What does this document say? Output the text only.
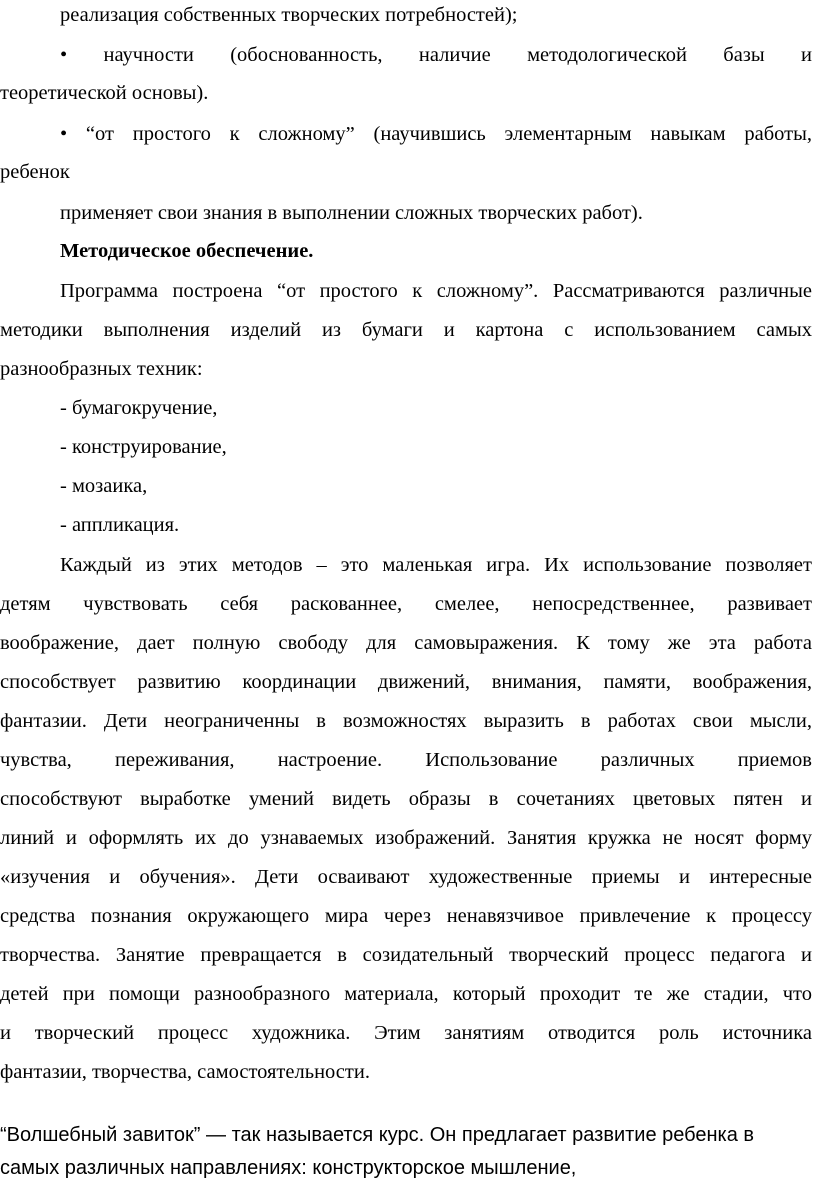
реализация собственных творческих потребностей);
• научности (обоснованность, наличие методологической базы и
теоретической основы).
• “от простого к сложному” (научившись элементарным навыкам работы,
ребенок
применяет свои знания в выполнении сложных творческих работ).
Методическое обеспечение.
Программа построена “от простого к сложному”. Рассматриваются различные
методики выполнения изделий из бумаги и картона с использованием самых
разнообразных техник:
- бумагокручение,
- конструирование,
- мозаика,
- аппликация.
Каждый из этих методов – это маленькая игра. Их использование позволяет
детям чувствовать себя раскованнее, смелее, непосредственнее, развивает
воображение, дает полную свободу для самовыражения. К тому же эта работа
способствует развитию координации движений, внимания, памяти, воображения,
фантазии. Дети неограниченны в возможностях выразить в работах свои мысли,
чувства, переживания, настроение. Использование различных приемов
способствуют выработке умений видеть образы в сочетаниях цветовых пятен и
линий и оформлять их до узнаваемых изображений. Занятия кружка не носят форму
«изучения и обучения». Дети осваивают художественные приемы и интересные
средства познания окружающего мира через ненавязчивое привлечение к процессу
творчества. Занятие превращается в созидательный творческий процесс педагога и
детей при помощи разнообразного материала, который проходит те же стадии, что
и творческий процесс художника. Этим занятиям отводится роль источника
фантазии, творчества, самостоятельности.
“Волшебный завиток” — так называется курс. Он предлагает развитие ребенка в
самых различных направлениях: конструкторское мышление,
